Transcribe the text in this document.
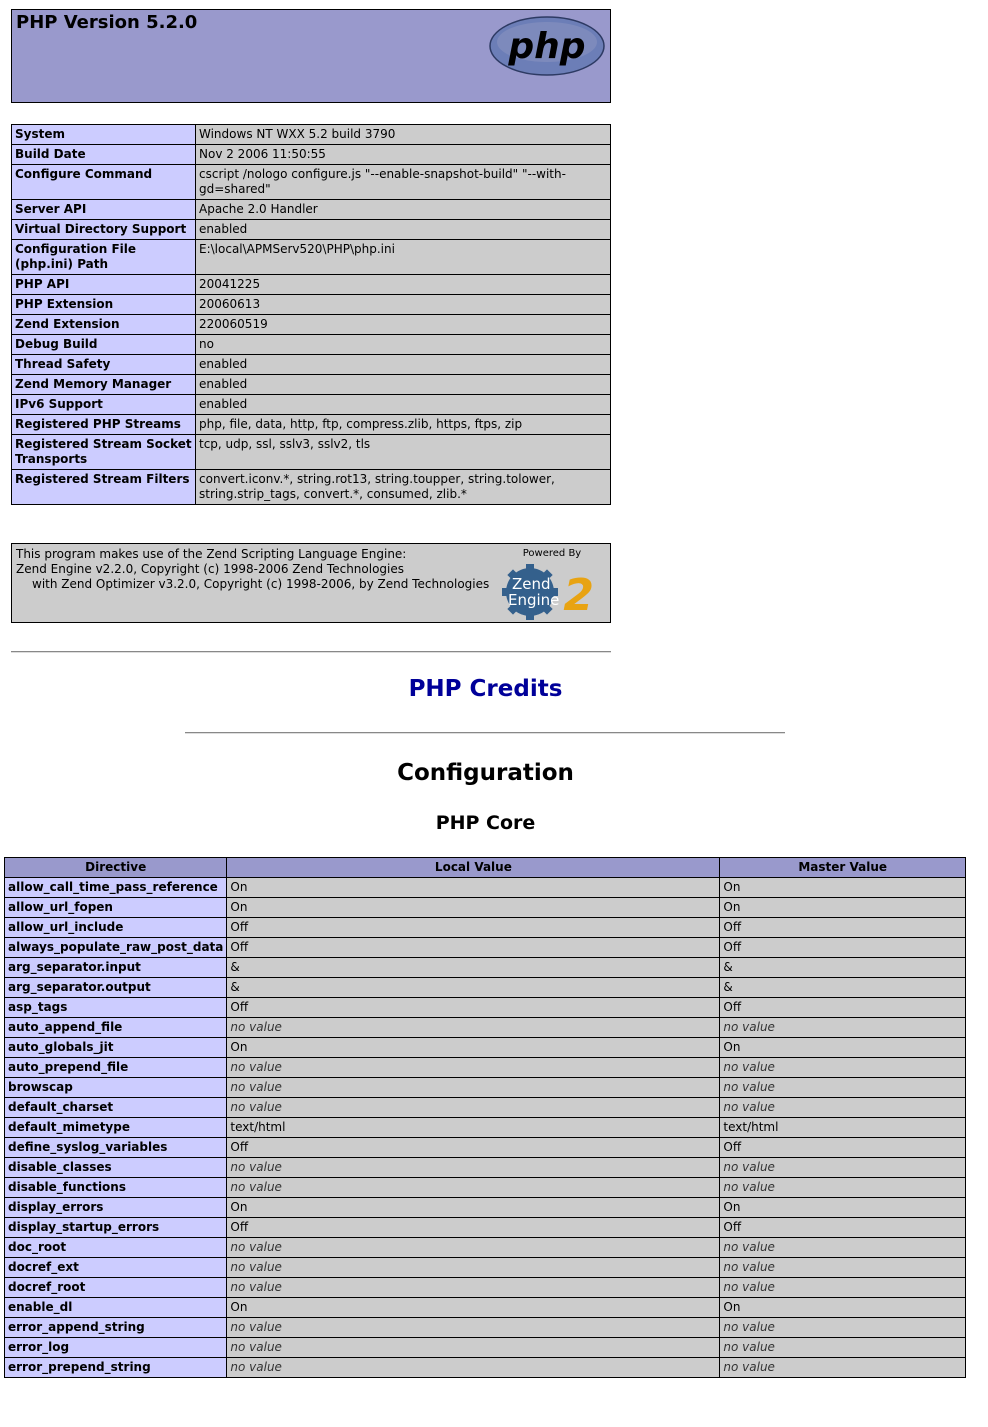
PHP Version 5.2.0
php
System	Windows NT WXX 5.2 build 3790
Build Date	Nov 2 2006 11:50:55
Configure Command	cscript /nologo configure.js "--enable-snapshot-build" "--with-gd=shared"
Server API	Apache 2.0 Handler
Virtual Directory Support	enabled
Configuration File (php.ini) Path	E:\local\APMServ520\PHP\php.ini
PHP API	20041225
PHP Extension	20060613
Zend Extension	220060519
Debug Build	no
Thread Safety	enabled
Zend Memory Manager	enabled
IPv6 Support	enabled
Registered PHP Streams	php, file, data, http, ftp, compress.zlib, https, ftps, zip
Registered Stream Socket Transports	tcp, udp, ssl, sslv3, sslv2, tls
Registered Stream Filters	convert.iconv.*, string.rot13, string.toupper, string.tolower, string.strip_tags, convert.*, consumed, zlib.*
This program makes use of the Zend Scripting Language Engine:
Zend Engine v2.2.0, Copyright (c) 1998-2006 Zend Technologies
with Zend Optimizer v3.2.0, Copyright (c) 1998-2006, by Zend Technologies
Powered By
2
Zend
Engine
PHP Credits
Configuration
PHP Core
Directive	Local Value	Master Value
allow_call_time_pass_reference	On	On
allow_url_fopen	On	On
allow_url_include	Off	Off
always_populate_raw_post_data	Off	Off
arg_separator.input	&	&
arg_separator.output	&	&
asp_tags	Off	Off
auto_append_file	no value	no value
auto_globals_jit	On	On
auto_prepend_file	no value	no value
browscap	no value	no value
default_charset	no value	no value
default_mimetype	text/html	text/html
define_syslog_variables	Off	Off
disable_classes	no value	no value
disable_functions	no value	no value
display_errors	On	On
display_startup_errors	Off	Off
doc_root	no value	no value
docref_ext	no value	no value
docref_root	no value	no value
enable_dl	On	On
error_append_string	no value	no value
error_log	no value	no value
error_prepend_string	no value	no value
